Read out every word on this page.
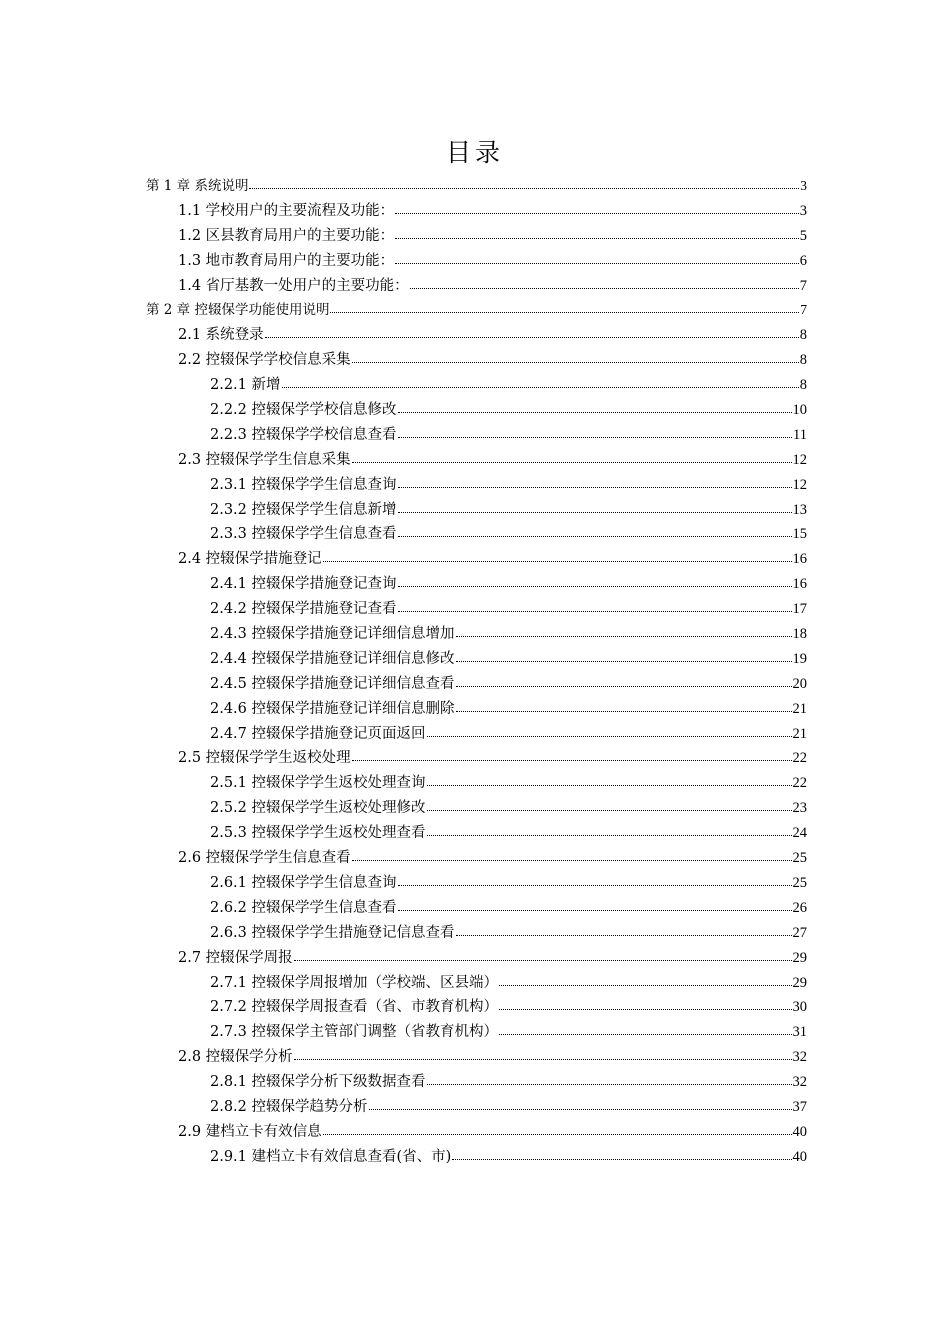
目录
第 1 章 系统说明	3
1.1 学校用户的主要流程及功能：	3
1.2 区县教育局用户的主要功能：	5
1.3 地市教育局用户的主要功能：	6
1.4 省厅基教一处用户的主要功能：	7
第 2 章 控辍保学功能使用说明	7
2.1 系统登录	8
2.2 控辍保学学校信息采集	8
2.2.1 新增	8
2.2.2 控辍保学学校信息修改	10
2.2.3 控辍保学学校信息查看	11
2.3 控辍保学学生信息采集	12
2.3.1 控辍保学学生信息查询	12
2.3.2 控辍保学学生信息新增	13
2.3.3 控辍保学学生信息查看	15
2.4 控辍保学措施登记	16
2.4.1 控辍保学措施登记查询	16
2.4.2 控辍保学措施登记查看	17
2.4.3 控辍保学措施登记详细信息增加	18
2.4.4 控辍保学措施登记详细信息修改	19
2.4.5 控辍保学措施登记详细信息查看	20
2.4.6 控辍保学措施登记详细信息删除	21
2.4.7 控辍保学措施登记页面返回	21
2.5 控辍保学学生返校处理	22
2.5.1 控辍保学学生返校处理查询	22
2.5.2 控辍保学学生返校处理修改	23
2.5.3 控辍保学学生返校处理查看	24
2.6 控辍保学学生信息查看	25
2.6.1 控辍保学学生信息查询	25
2.6.2 控辍保学学生信息查看	26
2.6.3 控辍保学学生措施登记信息查看	27
2.7 控辍保学周报	29
2.7.1 控辍保学周报增加（学校端、区县端）	29
2.7.2 控辍保学周报查看（省、市教育机构）	30
2.7.3 控辍保学主管部门调整（省教育机构）	31
2.8 控辍保学分析	32
2.8.1 控辍保学分析下级数据查看	32
2.8.2 控辍保学趋势分析	37
2.9 建档立卡有效信息	40
2.9.1 建档立卡有效信息查看(省、市)	40
